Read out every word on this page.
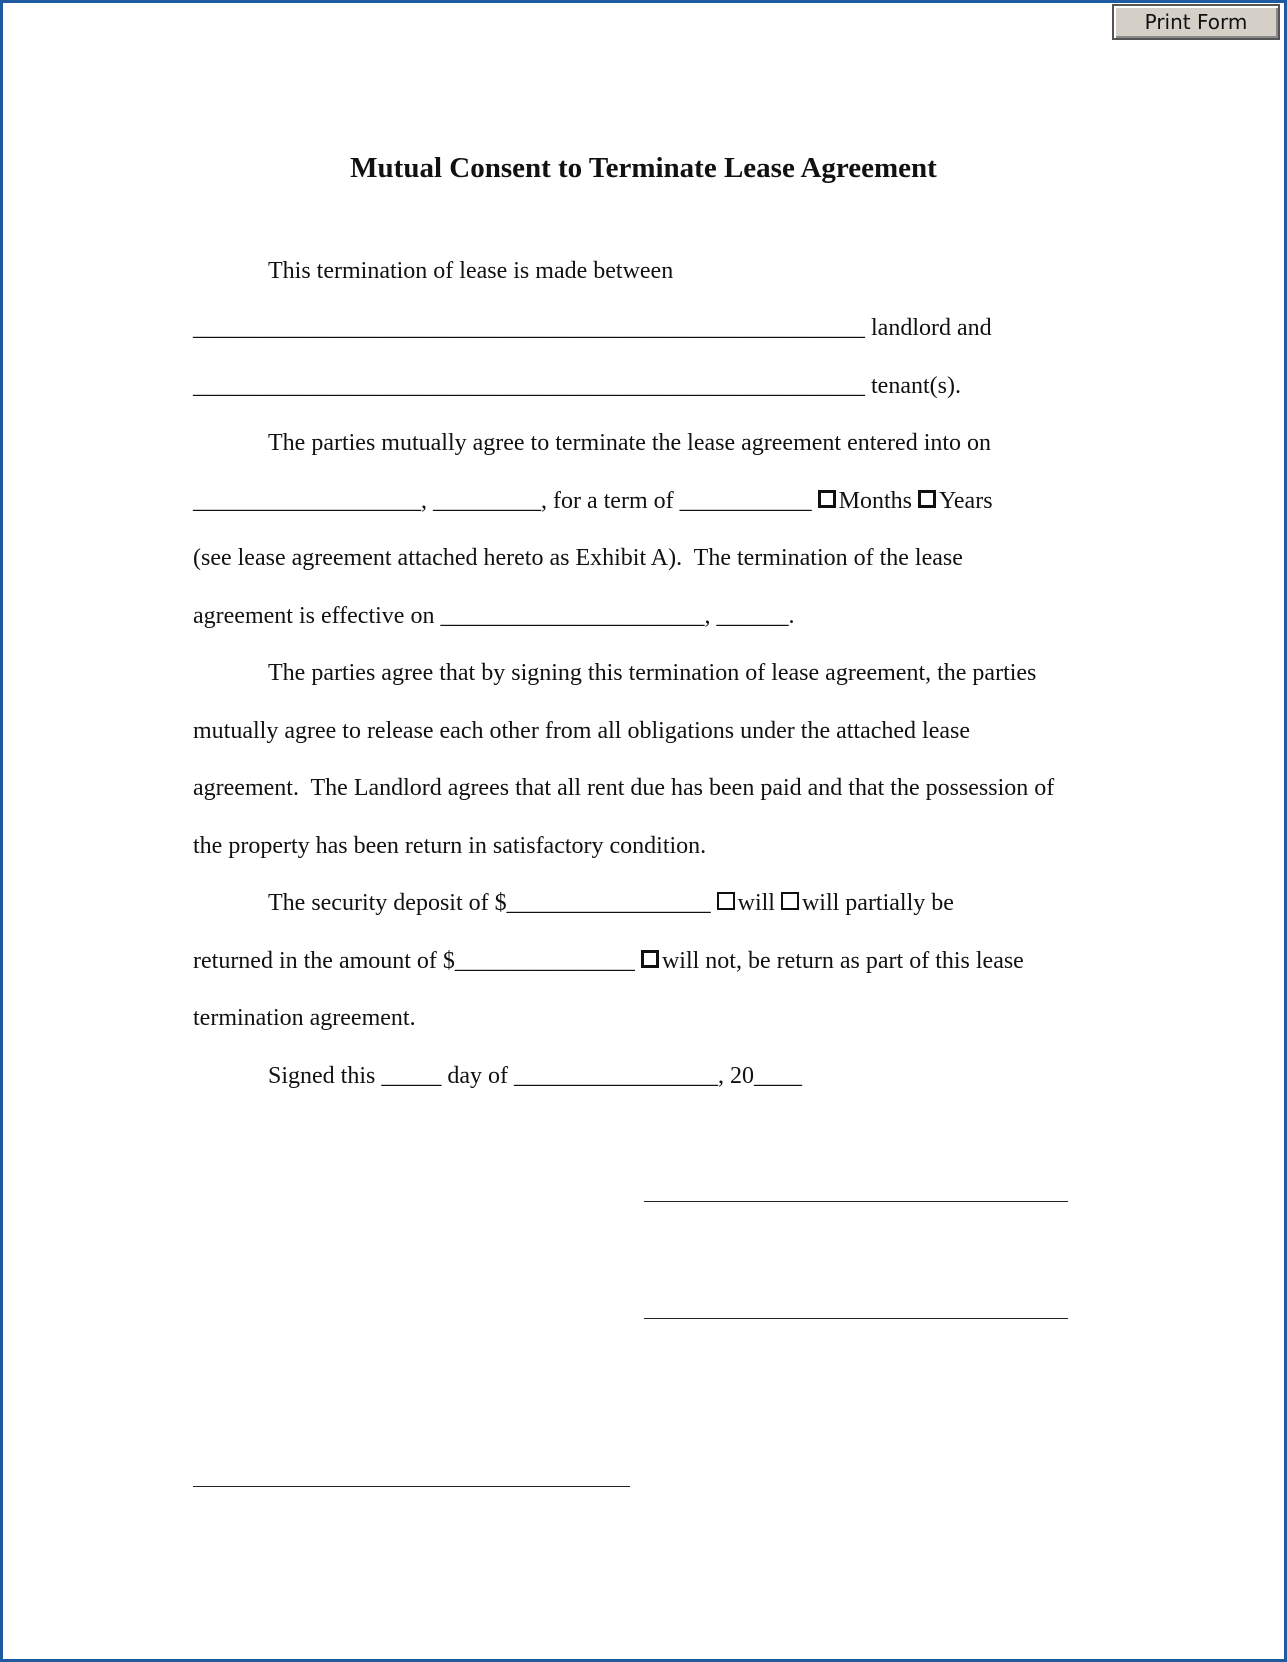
Print Form
Mutual Consent to Terminate Lease Agreement
This termination of lease is made between
________________________________________________________ landlord and
________________________________________________________ tenant(s).
The parties mutually agree to terminate the lease agreement entered into on
___________________, _________, for a term of ___________ Months Years
(see lease agreement attached hereto as Exhibit A).  The termination of the lease
agreement is effective on ______________________, ______.
The parties agree that by signing this termination of lease agreement, the parties
mutually agree to release each other from all obligations under the attached lease
agreement.  The Landlord agrees that all rent due has been paid and that the possession of
the property has been return in satisfactory condition.
The security deposit of $_________________ will will partially be
returned in the amount of $_______________ will not, be return as part of this lease
termination agreement.
Signed this _____ day of _________________, 20____
